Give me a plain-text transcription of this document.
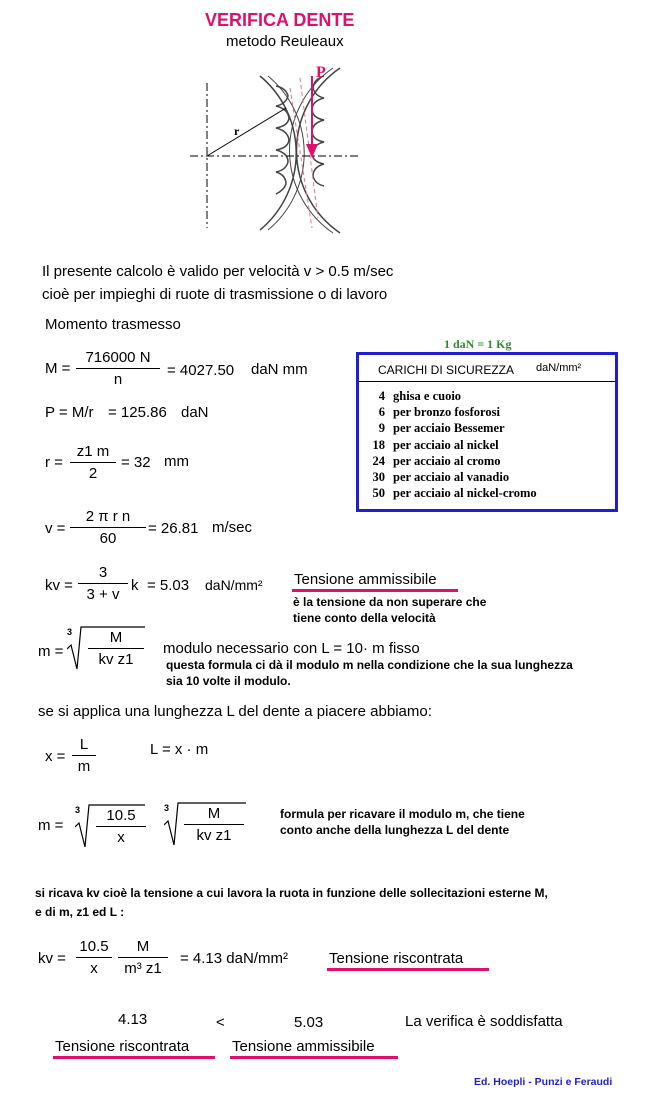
VERIFICA DENTE
metodo Reuleaux
P
r
Il presente calcolo è valido per velocità v > 0.5 m/sec
cioè per impieghi di ruote di trasmissione o di lavoro
Momento trasmesso
M =
716000 N
n
= 4027.50 daN mm
P = M/r = 125.86 daN
r =
z1 m
2
= 32 mm
v =
2 π r n
60
= 26.81 m/sec
kv =
3
3 + v
k = 5.03 daN/mm² Tensione ammissibile
è la tensione da non superare che
tiene conto della velocità
m =
3	M
kv z1
modulo necessario con L = 10· m fisso
questa formula ci dà il modulo m nella condizione che la sua lunghezza
sia 10 volte il modulo.
se si applica una lunghezza L del dente a piacere abbiamo:
x =
L
m
L = x · m
m =
3	10.5
x
3	M
kv z1
formula per ricavare il modulo m, che tiene
conto anche della lunghezza L del dente
si ricava kv cioè la tensione a cui lavora la ruota in funzione delle sollecitazioni esterne M,
e di m, z1 ed L :
kv =
10.5
x
M
m³ z1
= 4.13 daN/mm²	Tensione riscontrata
4.13	<	5.03	La verifica è soddisfatta
Tensione riscontrata	Tensione ammissibile
1 daN = 1 Kg
CARICHI DI SICUREZZA daN/mm²
4 ghisa e cuoio
6 per bronzo fosforosi
9 per acciaio Bessemer
18 per acciaio al nickel
24 per acciaio al cromo
30 per acciaio al vanadio
50 per acciaio al nickel-cromo
Ed. Hoepli - Punzi e Feraudi
